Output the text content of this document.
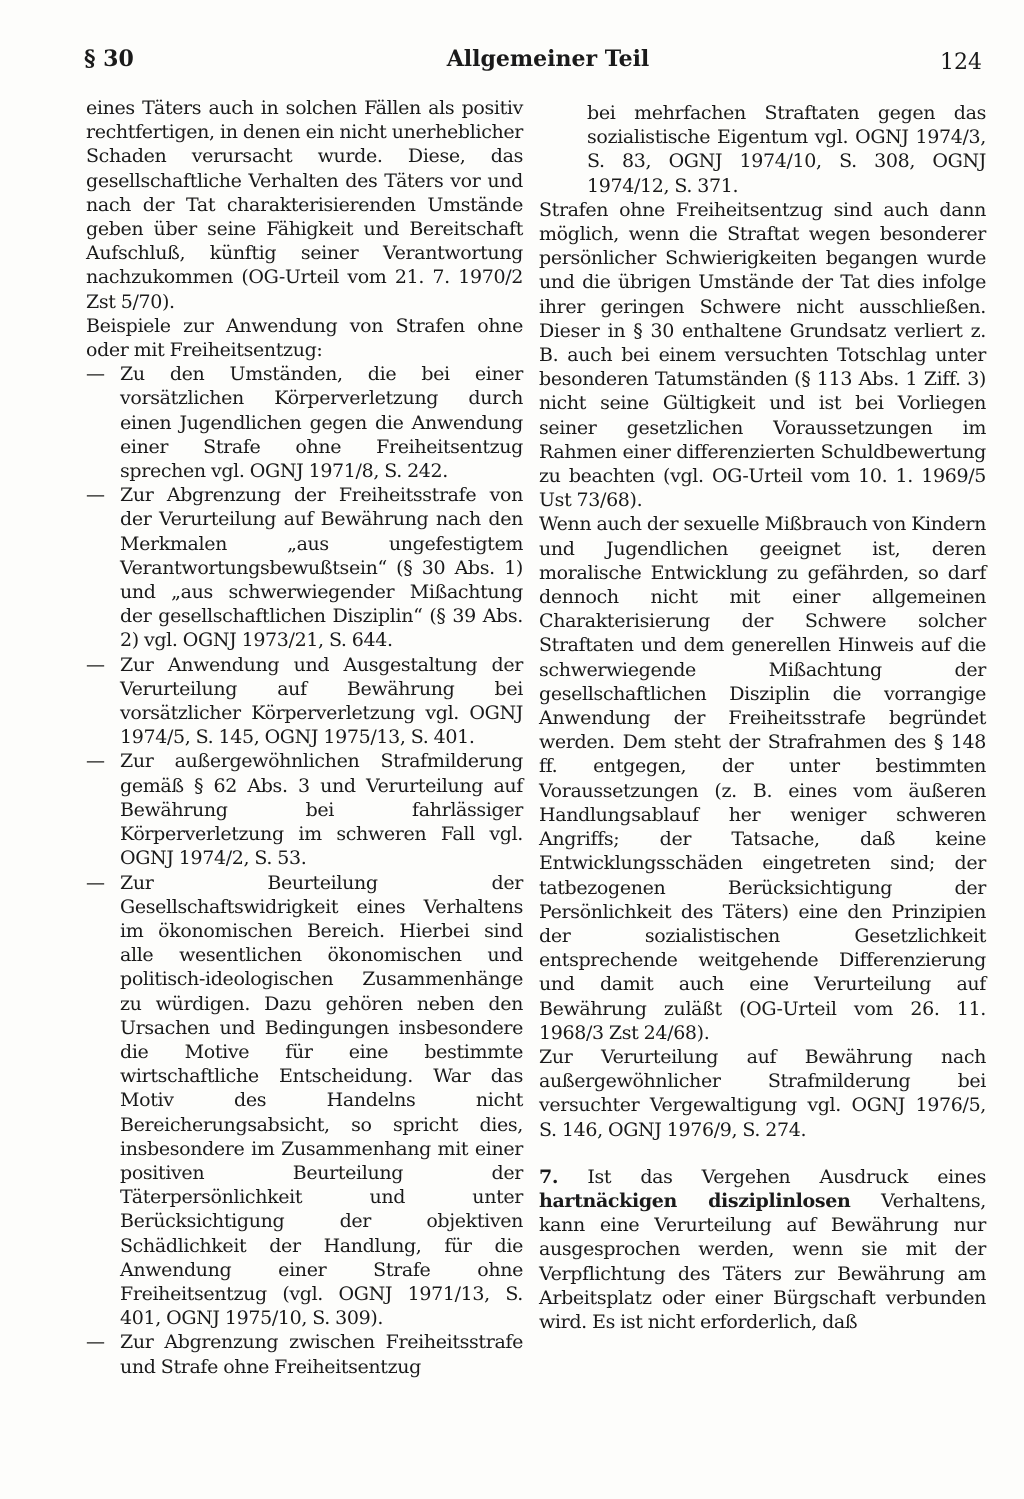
§ 30	Allgemeiner Teil	124

eines Täters auch in solchen Fällen als positiv rechtfertigen, in denen ein nicht unerheblicher Schaden verursacht wurde. Diese, das gesellschaftliche Verhalten des Täters vor und nach der Tat charakterisierenden Umstände geben über seine Fähigkeit und Bereitschaft Aufschluß, künftig seiner Verantwortung nachzukommen (OG-Urteil vom 21. 7. 1970/2 Zst 5/70).

Beispiele zur Anwendung von Strafen ohne oder mit Freiheitsentzug:

— Zu den Umständen, die bei einer vorsätzlichen Körperverletzung durch einen Jugendlichen gegen die Anwendung einer Strafe ohne Freiheitsentzug sprechen vgl. OGNJ 1971/8, S. 242.

— Zur Abgrenzung der Freiheitsstrafe von der Verurteilung auf Bewährung nach den Merkmalen „aus ungefestigtem Verantwortungsbewußtsein“ (§ 30 Abs. 1) und „aus schwerwiegender Mißachtung der gesellschaftlichen Disziplin“ (§ 39 Abs. 2) vgl. OGNJ 1973/21, S. 644.

— Zur Anwendung und Ausgestaltung der Verurteilung auf Bewährung bei vorsätzlicher Körperverletzung vgl. OGNJ 1974/5, S. 145, OGNJ 1975/13, S. 401.

— Zur außergewöhnlichen Strafmilderung gemäß § 62 Abs. 3 und Verurteilung auf Bewährung bei fahrlässiger Körperverletzung im schweren Fall vgl. OGNJ 1974/2, S. 53.

— Zur Beurteilung der Gesellschaftswidrigkeit eines Verhaltens im ökonomischen Bereich. Hierbei sind alle wesentlichen ökonomischen und politisch-ideologischen Zusammenhänge zu würdigen. Dazu gehören neben den Ursachen und Bedingungen insbesondere die Motive für eine bestimmte wirtschaftliche Entscheidung. War das Motiv des Handelns nicht Bereicherungsabsicht, so spricht dies, insbesondere im Zusammenhang mit einer positiven Beurteilung der Täterpersönlichkeit und unter Berücksichtigung der objektiven Schädlichkeit der Handlung, für die Anwendung einer Strafe ohne Freiheitsentzug (vgl. OGNJ 1971/13, S. 401, OGNJ 1975/10, S. 309).

— Zur Abgrenzung zwischen Freiheitsstrafe und Strafe ohne Freiheitsentzug

bei mehrfachen Straftaten gegen das sozialistische Eigentum vgl. OGNJ 1974/3, S. 83, OGNJ 1974/10, S. 308, OGNJ 1974/12, S. 371.

Strafen ohne Freiheitsentzug sind auch dann möglich, wenn die Straftat wegen besonderer persönlicher Schwierigkeiten begangen wurde und die übrigen Umstände der Tat dies infolge ihrer geringen Schwere nicht ausschließen. Dieser in § 30 enthaltene Grundsatz verliert z. B. auch bei einem versuchten Totschlag unter besonderen Tatumständen (§ 113 Abs. 1 Ziff. 3) nicht seine Gültigkeit und ist bei Vorliegen seiner gesetzlichen Voraussetzungen im Rahmen einer differenzierten Schuldbewertung zu beachten (vgl. OG-Urteil vom 10. 1. 1969/5 Ust 73/68).

Wenn auch der sexuelle Mißbrauch von Kindern und Jugendlichen geeignet ist, deren moralische Entwicklung zu gefährden, so darf dennoch nicht mit einer allgemeinen Charakterisierung der Schwere solcher Straftaten und dem generellen Hinweis auf die schwerwiegende Mißachtung der gesellschaftlichen Disziplin die vorrangige Anwendung der Freiheitsstrafe begründet werden. Dem steht der Strafrahmen des § 148 ff. entgegen, der unter bestimmten Voraussetzungen (z. B. eines vom äußeren Handlungsablauf her weniger schweren Angriffs; der Tatsache, daß keine Entwicklungsschäden eingetreten sind; der tatbezogenen Berücksichtigung der Persönlichkeit des Täters) eine den Prinzipien der sozialistischen Gesetzlichkeit entsprechende weitgehende Differenzierung und damit auch eine Verurteilung auf Bewährung zuläßt (OG-Urteil vom 26. 11. 1968/3 Zst 24/68).

Zur Verurteilung auf Bewährung nach außergewöhnlicher Strafmilderung bei versuchter Vergewaltigung vgl. OGNJ 1976/5, S. 146, OGNJ 1976/9, S. 274.

7. Ist das Vergehen Ausdruck eines hartnäckigen disziplinlosen Verhaltens, kann eine Verurteilung auf Bewährung nur ausgesprochen werden, wenn sie mit der Verpflichtung des Täters zur Bewährung am Arbeitsplatz oder einer Bürgschaft verbunden wird. Es ist nicht erforderlich, daß
